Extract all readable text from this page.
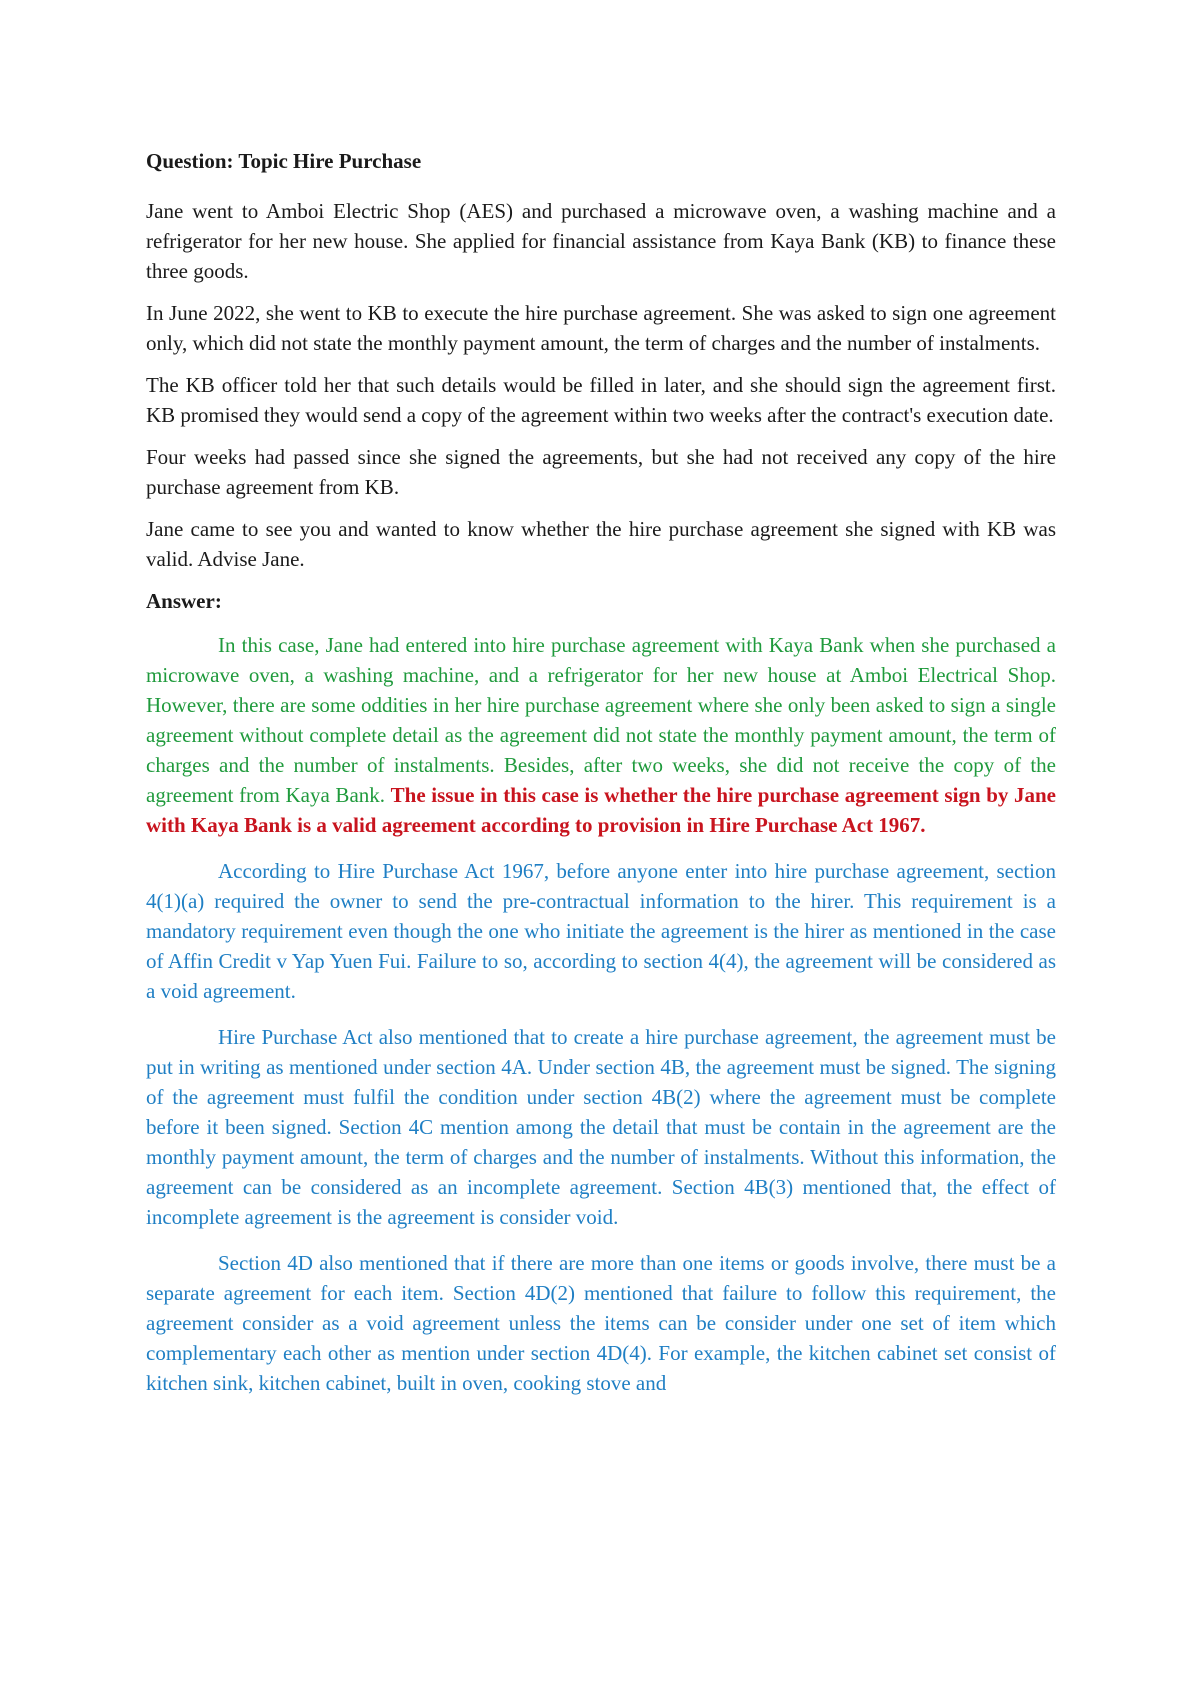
Question: Topic Hire Purchase

Jane went to Amboi Electric Shop (AES) and purchased a microwave oven, a washing machine and a refrigerator for her new house. She applied for financial assistance from Kaya Bank (KB) to finance these three goods.

In June 2022, she went to KB to execute the hire purchase agreement. She was asked to sign one agreement only, which did not state the monthly payment amount, the term of charges and the number of instalments.

The KB officer told her that such details would be filled in later, and she should sign the agreement first. KB promised they would send a copy of the agreement within two weeks after the contract's execution date.

Four weeks had passed since she signed the agreements, but she had not received any copy of the hire purchase agreement from KB.

Jane came to see you and wanted to know whether the hire purchase agreement she signed with KB was valid. Advise Jane.

Answer:

In this case, Jane had entered into hire purchase agreement with Kaya Bank when she purchased a microwave oven, a washing machine, and a refrigerator for her new house at Amboi Electrical Shop. However, there are some oddities in her hire purchase agreement where she only been asked to sign a single agreement without complete detail as the agreement did not state the monthly payment amount, the term of charges and the number of instalments. Besides, after two weeks, she did not receive the copy of the agreement from Kaya Bank. The issue in this case is whether the hire purchase agreement sign by Jane with Kaya Bank is a valid agreement according to provision in Hire Purchase Act 1967.

According to Hire Purchase Act 1967, before anyone enter into hire purchase agreement, section 4(1)(a) required the owner to send the pre-contractual information to the hirer. This requirement is a mandatory requirement even though the one who initiate the agreement is the hirer as mentioned in the case of Affin Credit v Yap Yuen Fui. Failure to so, according to section 4(4), the agreement will be considered as a void agreement.

Hire Purchase Act also mentioned that to create a hire purchase agreement, the agreement must be put in writing as mentioned under section 4A. Under section 4B, the agreement must be signed. The signing of the agreement must fulfil the condition under section 4B(2) where the agreement must be complete before it been signed. Section 4C mention among the detail that must be contain in the agreement are the monthly payment amount, the term of charges and the number of instalments. Without this information, the agreement can be considered as an incomplete agreement. Section 4B(3) mentioned that, the effect of incomplete agreement is the agreement is consider void.

Section 4D also mentioned that if there are more than one items or goods involve, there must be a separate agreement for each item. Section 4D(2) mentioned that failure to follow this requirement, the agreement consider as a void agreement unless the items can be consider under one set of item which complementary each other as mention under section 4D(4). For example, the kitchen cabinet set consist of kitchen sink, kitchen cabinet, built in oven, cooking stove and
